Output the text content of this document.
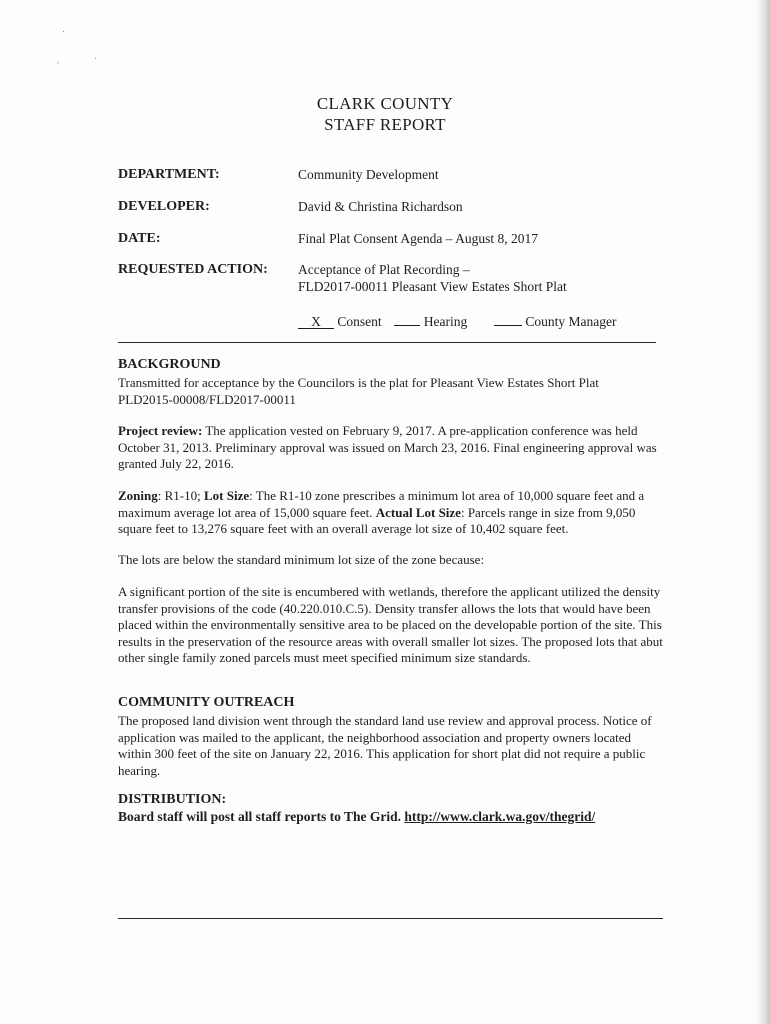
·
'
·
CLARK COUNTY
STAFF REPORT
DEPARTMENT:	Community Development
DEVELOPER:	David & Christina Richardson
DATE:	Final Plat Consent Agenda – August 8, 2017
REQUESTED ACTION: Acceptance of Plat Recording –
FLD2017-00011 Pleasant View Estates Short Plat
X Consent	Hearing	County Manager
BACKGROUND
Transmitted for acceptance by the Councilors is the plat for Pleasant View Estates Short Plat
PLD2015-00008/FLD2017-00011
Project review: The application vested on February 9, 2017. A pre-application conference was held October 31, 2013. Preliminary approval was issued on March 23, 2016. Final engineering approval was granted July 22, 2016.
Zoning: R1-10; Lot Size: The R1-10 zone prescribes a minimum lot area of 10,000 square feet and a maximum average lot area of 15,000 square feet. Actual Lot Size: Parcels range in size from 9,050 square feet to 13,276 square feet with an overall average lot size of 10,402 square feet.
The lots are below the standard minimum lot size of the zone because:
A significant portion of the site is encumbered with wetlands, therefore the applicant utilized the density transfer provisions of the code (40.220.010.C.5). Density transfer allows the lots that would have been placed within the environmentally sensitive area to be placed on the developable portion of the site. This results in the preservation of the resource areas with overall smaller lot sizes. The proposed lots that abut other single family zoned parcels must meet specified minimum size standards.
COMMUNITY OUTREACH
The proposed land division went through the standard land use review and approval process. Notice of application was mailed to the applicant, the neighborhood association and property owners located within 300 feet of the site on January 22, 2016. This application for short plat did not require a public hearing.
DISTRIBUTION:
Board staff will post all staff reports to The Grid. http://www.clark.wa.gov/thegrid/
